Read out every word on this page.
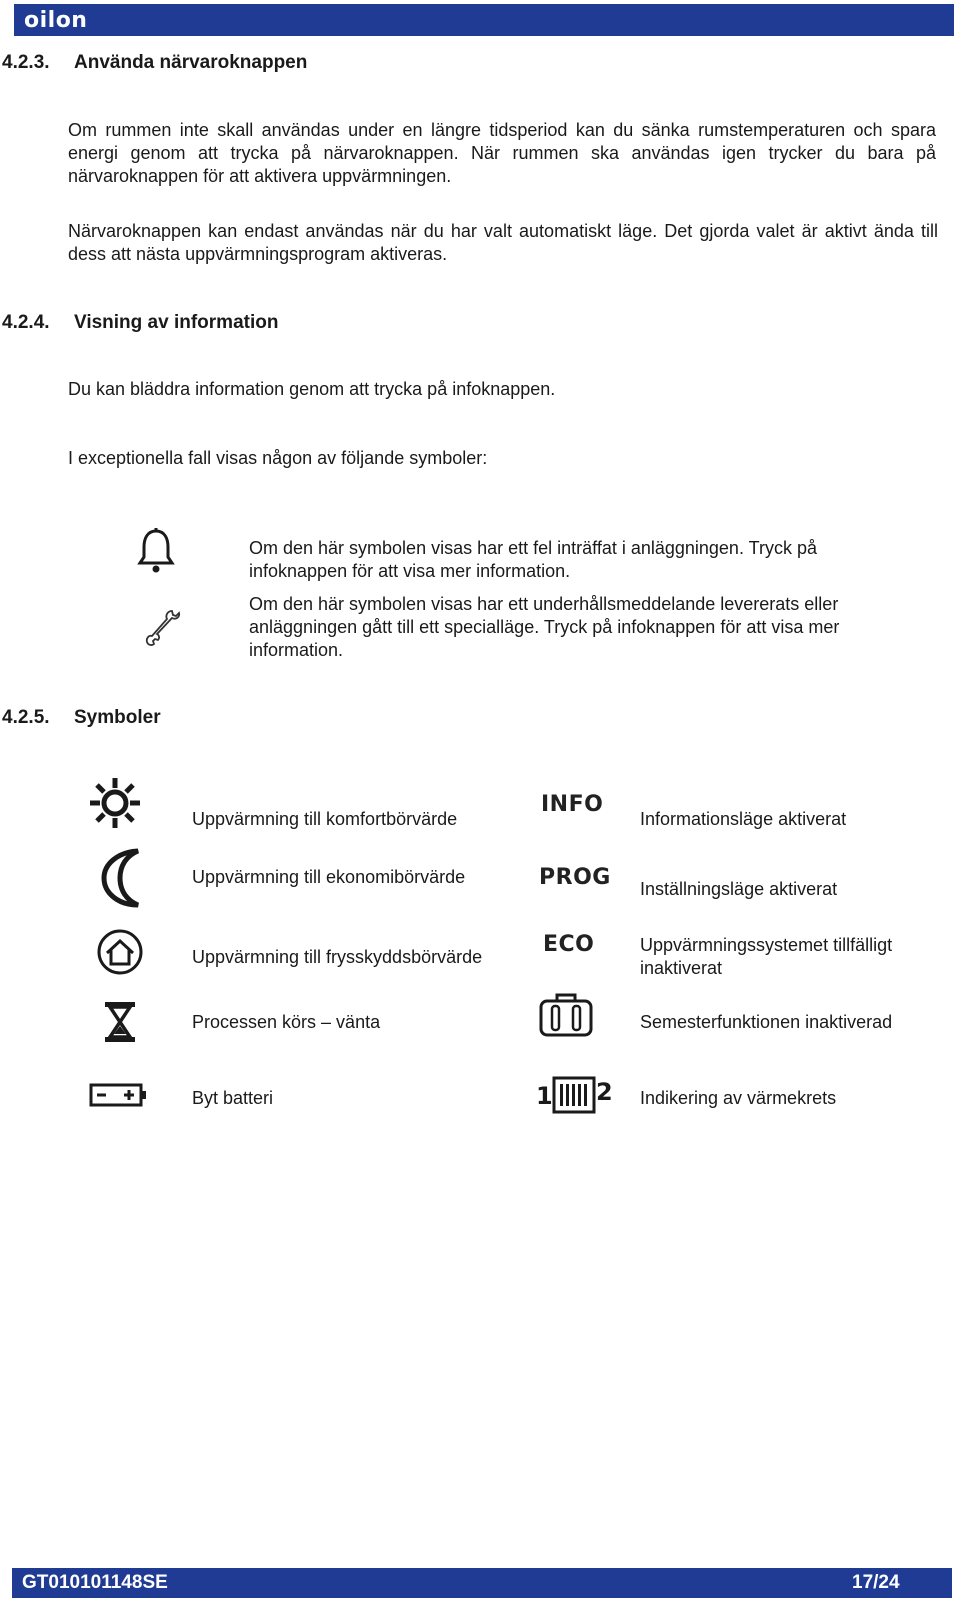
oilon
4.2.3. Använda närvaroknappen
Om rummen inte skall användas under en längre tidsperiod kan du sänka rumstemperaturen och spara energi genom att trycka på närvaroknappen. När rummen ska användas igen trycker du bara på närvaroknappen för att aktivera uppvärmningen.
Närvaroknappen kan endast användas när du har valt automatiskt läge. Det gjorda valet är aktivt ända till dess att nästa uppvärmningsprogram aktiveras.
4.2.4. Visning av information
Du kan bläddra information genom att trycka på infoknappen.
I exceptionella fall visas någon av följande symboler:
Om den här symbolen visas har ett fel inträffat i anläggningen. Tryck på infoknappen för att visa mer information.
Om den här symbolen visas har ett underhållsmeddelande levererats eller anläggningen gått till ett specialläge. Tryck på infoknappen för att visa mer information.
4.2.5. Symboler
Uppvärmning till komfortbörvärde
Uppvärmning till ekonomibörvärde
Uppvärmning till frysskyddsbörvärde
Processen körs – vänta
Byt batteri
INFO
Informationsläge aktiverat
PROG Inställningsläge aktiverat
ECO	Uppvärmningssystemet tillfälligt inaktiverat
Semesterfunktionen inaktiverad
1 2 Indikering av värmekrets
GT010101148SE	17/24
